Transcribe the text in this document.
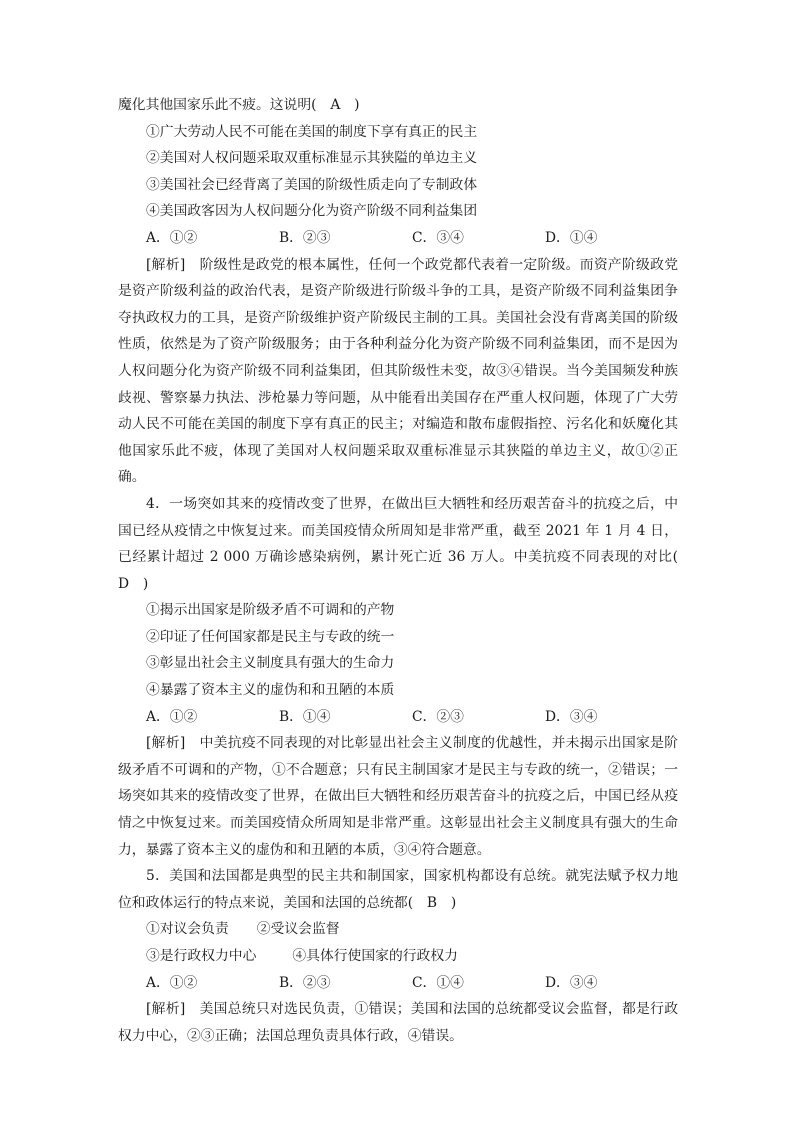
魔化其他国家乐此不疲。这说明(　A　)
①广大劳动人民不可能在美国的制度下享有真正的民主
②美国对人权问题采取双重标准显示其狭隘的单边主义
③美国社会已经背离了美国的阶级性质走向了专制政体
④美国政客因为人权问题分化为资产阶级不同利益集团
A．①②	B．②③	C．③④	D．①④
[解析]　阶级性是政党的根本属性，任何一个政党都代表着一定阶级。而资产阶级政党是资产阶级利益的政治代表，是资产阶级进行阶级斗争的工具，是资产阶级不同利益集团争夺执政权力的工具，是资产阶级维护资产阶级民主制的工具。美国社会没有背离美国的阶级性质，依然是为了资产阶级服务；由于各种利益分化为资产阶级不同利益集团，而不是因为人权问题分化为资产阶级不同利益集团，但其阶级性未变，故③④错误。当今美国频发种族歧视、警察暴力执法、涉枪暴力等问题，从中能看出美国存在严重人权问题，体现了广大劳动人民不可能在美国的制度下享有真正的民主；对编造和散布虚假指控、污名化和妖魔化其他国家乐此不疲，体现了美国对人权问题采取双重标准显示其狭隘的单边主义，故①②正确。
4．一场突如其来的疫情改变了世界，在做出巨大牺牲和经历艰苦奋斗的抗疫之后，中国已经从疫情之中恢复过来。而美国疫情众所周知是非常严重，截至 2021 年 1 月 4 日，已经累计超过 2 000 万确诊感染病例，累计死亡近 36 万人。中美抗疫不同表现的对比(　D　)
①揭示出国家是阶级矛盾不可调和的产物
②印证了任何国家都是民主与专政的统一
③彰显出社会主义制度具有强大的生命力
④暴露了资本主义的虚伪和和丑陋的本质
A．①②	B．①④	C．②③	D．③④
[解析]　中美抗疫不同表现的对比彰显出社会主义制度的优越性，并未揭示出国家是阶级矛盾不可调和的产物，①不合题意；只有民主制国家才是民主与专政的统一，②错误；一场突如其来的疫情改变了世界，在做出巨大牺牲和经历艰苦奋斗的抗疫之后，中国已经从疫情之中恢复过来。而美国疫情众所周知是非常严重。这彰显出社会主义制度具有强大的生命力，暴露了资本主义的虚伪和和丑陋的本质，③④符合题意。
5．美国和法国都是典型的民主共和制国家，国家机构都设有总统。就宪法赋予权力地位和政体运行的特点来说，美国和法国的总统都(　B　)
①对议会负责 ②受议会监督
③是行政权力中心	④具体行使国家的行政权力
A．①②	B．②③	C．①④	D．③④
[解析]　美国总统只对选民负责，①错误；美国和法国的总统都受议会监督，都是行政权力中心，②③正确；法国总理负责具体行政，④错误。
